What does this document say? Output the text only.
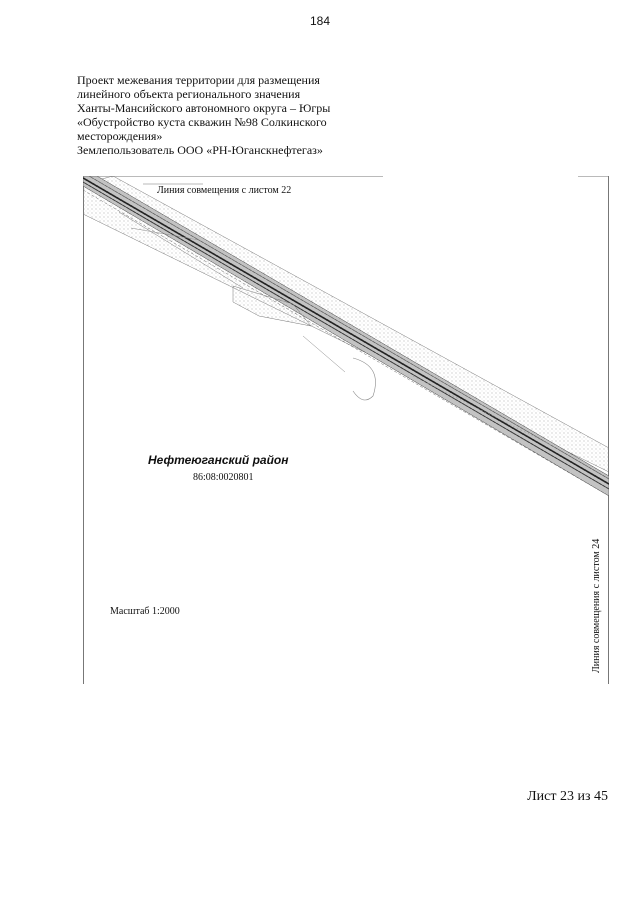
184
Проект межевания территории для размещения
линейного объекта регионального значения
Ханты-Мансийского автономного округа – Югры
«Обустройство куста скважин №98 Солкинского
месторождения»
Землепользователь ООО «РН-Юганскнефтегаз»
Линия совмещения с листом 22
Линия совмещения с листом 24
Нефтеюганский район
86:08:0020801
Масштаб 1:2000
Лист 23 из 45
